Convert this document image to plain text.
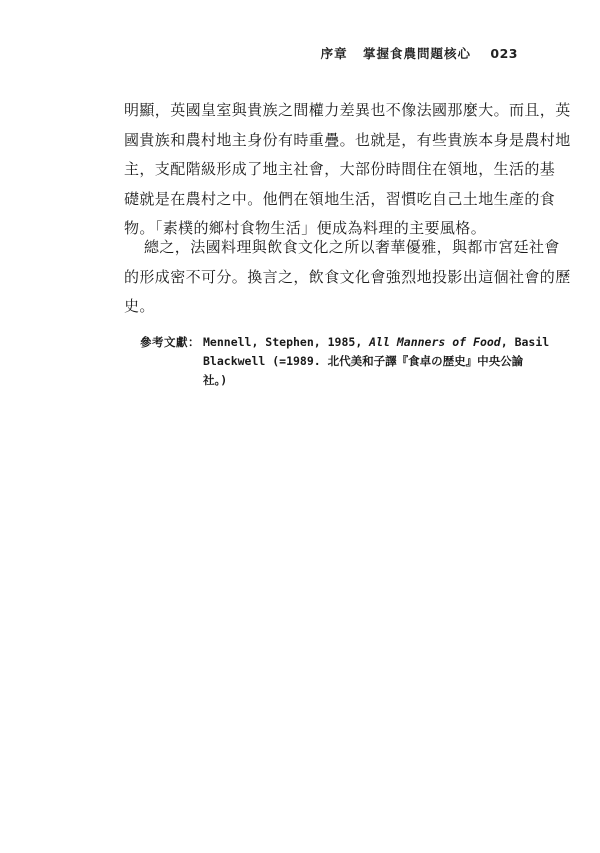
序章 掌握食農問題核心 023
明顯，英國皇室與貴族之間權力差異也不像法國那麼大。而且，英
國貴族和農村地主身份有時重疊。也就是，有些貴族本身是農村地
主，支配階級形成了地主社會，大部份時間住在領地，生活的基
礎就是在農村之中。他們在領地生活，習慣吃自己土地生產的食
物。「素樸的鄉村食物生活」便成為料理的主要風格。
總之，法國料理與飲食文化之所以奢華優雅，與都市宮廷社會
的形成密不可分。換言之，飲食文化會強烈地投影出這個社會的歷
史。
參考文獻： Mennell, Stephen, 1985, All Manners of Food, Basil
Blackwell (=1989. 北代美和子譯『食卓の歴史』中央公論
社。)
